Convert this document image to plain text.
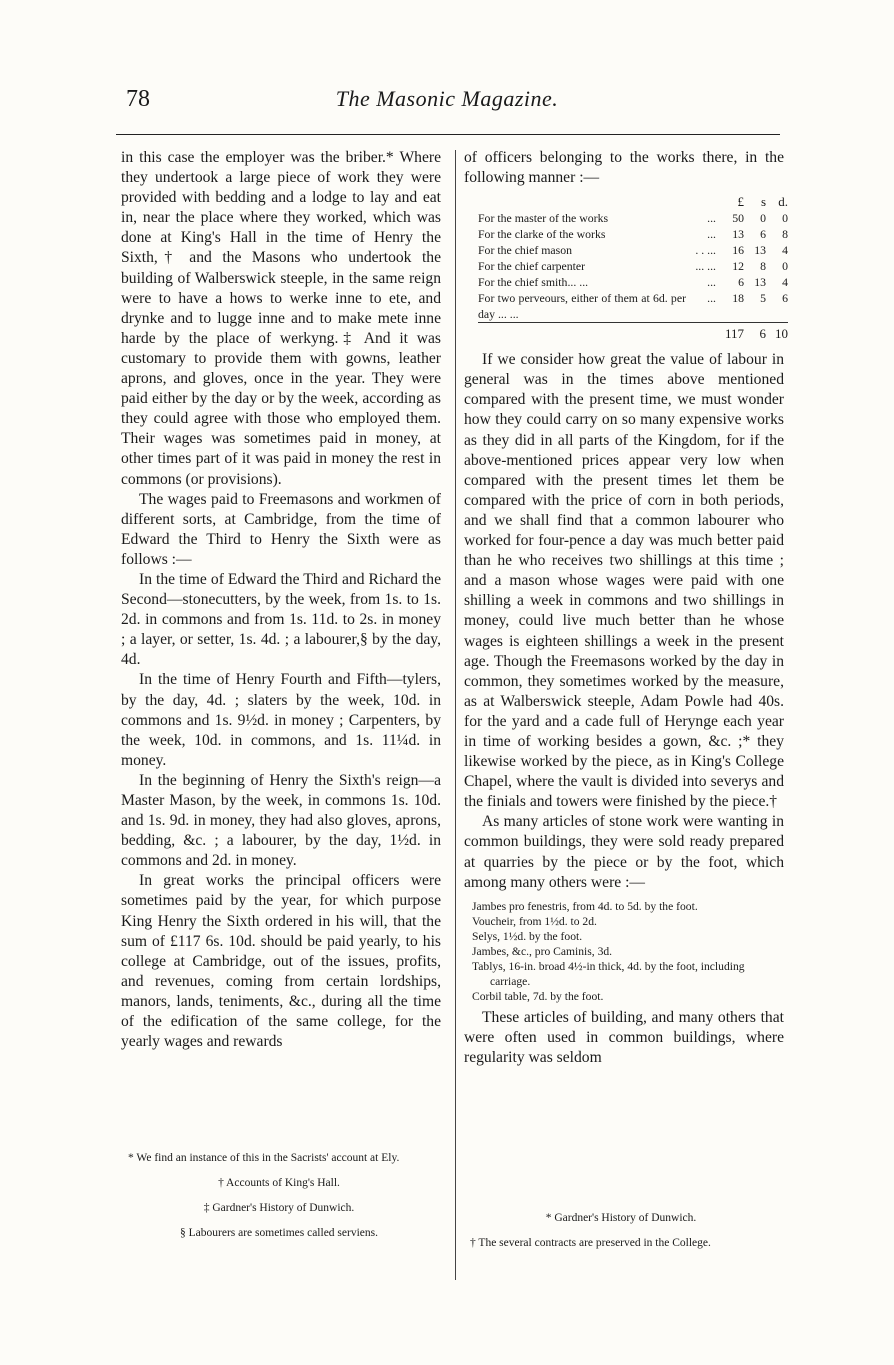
78	The Masonic Magazine.

in this case the employer was the briber.* Where they undertook a large piece of work they were provided with bedding and a lodge to lay and eat in, near the place where they worked, which was done at King's Hall in the time of Henry the Sixth,† and the Masons who undertook the building of Walberswick steeple, in the same reign were to have a hows to werke inne to ete, and drynke and to lugge inne and to make mete inne harde by the place of werkyng.‡ And it was customary to provide them with gowns, leather aprons, and gloves, once in the year. They were paid either by the day or by the week, according as they could agree with those who employed them. Their wages was sometimes paid in money, at other times part of it was paid in money the rest in commons (or provisions).

The wages paid to Freemasons and workmen of different sorts, at Cambridge, from the time of Edward the Third to Henry the Sixth were as follows :—

In the time of Edward the Third and Richard the Second—stonecutters, by the week, from 1s. to 1s. 2d. in commons and from 1s. 11d. to 2s. in money ; a layer, or setter, 1s. 4d. ; a labourer,§ by the day, 4d.

In the time of Henry Fourth and Fifth—tylers, by the day, 4d. ; slaters by the week, 10d. in commons and 1s. 9½d. in money ; Carpenters, by the week, 10d. in commons, and 1s. 11¼d. in money.

In the beginning of Henry the Sixth's reign—a Master Mason, by the week, in commons 1s. 10d. and 1s. 9d. in money, they had also gloves, aprons, bedding, &c. ; a labourer, by the day, 1½d. in commons and 2d. in money.

In great works the principal officers were sometimes paid by the year, for which purpose King Henry the Sixth ordered in his will, that the sum of £117 6s. 10d. should be paid yearly, to his college at Cambridge, out of the issues, profits, and revenues, coming from certain lordships, manors, lands, teniments, &c., during all the time of the edification of the same college, for the yearly wages and rewards

* We find an instance of this in the Sacrists' account at Ely.

† Accounts of King's Hall.

‡ Gardner's History of Dunwich.

§ Labourers are sometimes called serviens.

of officers belonging to the works there, in the following manner :—

		£	s	d.
For the master of the works	...	50	0	0
For the clarke of the works	...	13	6	8
For the chief mason	. . ...	16	13	4
For the chief carpenter	... ...	12	8	0
For the chief smith... ...	...	6	13	4
For two perveours, either of them at 6d. per day ... ...	...	18	5	6
		117	6	10

If we consider how great the value of labour in general was in the times above mentioned compared with the present time, we must wonder how they could carry on so many expensive works as they did in all parts of the Kingdom, for if the above-mentioned prices appear very low when compared with the present times let them be compared with the price of corn in both periods, and we shall find that a common labourer who worked for four-pence a day was much better paid than he who receives two shillings at this time ; and a mason whose wages were paid with one shilling a week in commons and two shillings in money, could live much better than he whose wages is eighteen shillings a week in the present age. Though the Freemasons worked by the day in common, they sometimes worked by the measure, as at Walberswick steeple, Adam Powle had 40s. for the yard and a cade full of Herynge each year in time of working besides a gown, &c. ;* they likewise worked by the piece, as in King's College Chapel, where the vault is divided into severys and the finials and towers were finished by the piece.†

As many articles of stone work were wanting in common buildings, they were sold ready prepared at quarries by the piece or by the foot, which among many others were :—

Jambes pro fenestris, from 4d. to 5d. by the foot.
Voucheir, from 1½d. to 2d.
Selys, 1½d. by the foot.
Jambes, &c., pro Caminis, 3d.
Tablys, 16-in. broad 4½-in thick, 4d. by the foot, including carriage.
Corbil table, 7d. by the foot.

These articles of building, and many others that were often used in common buildings, where regularity was seldom

* Gardner's History of Dunwich.

† The several contracts are preserved in the College.
